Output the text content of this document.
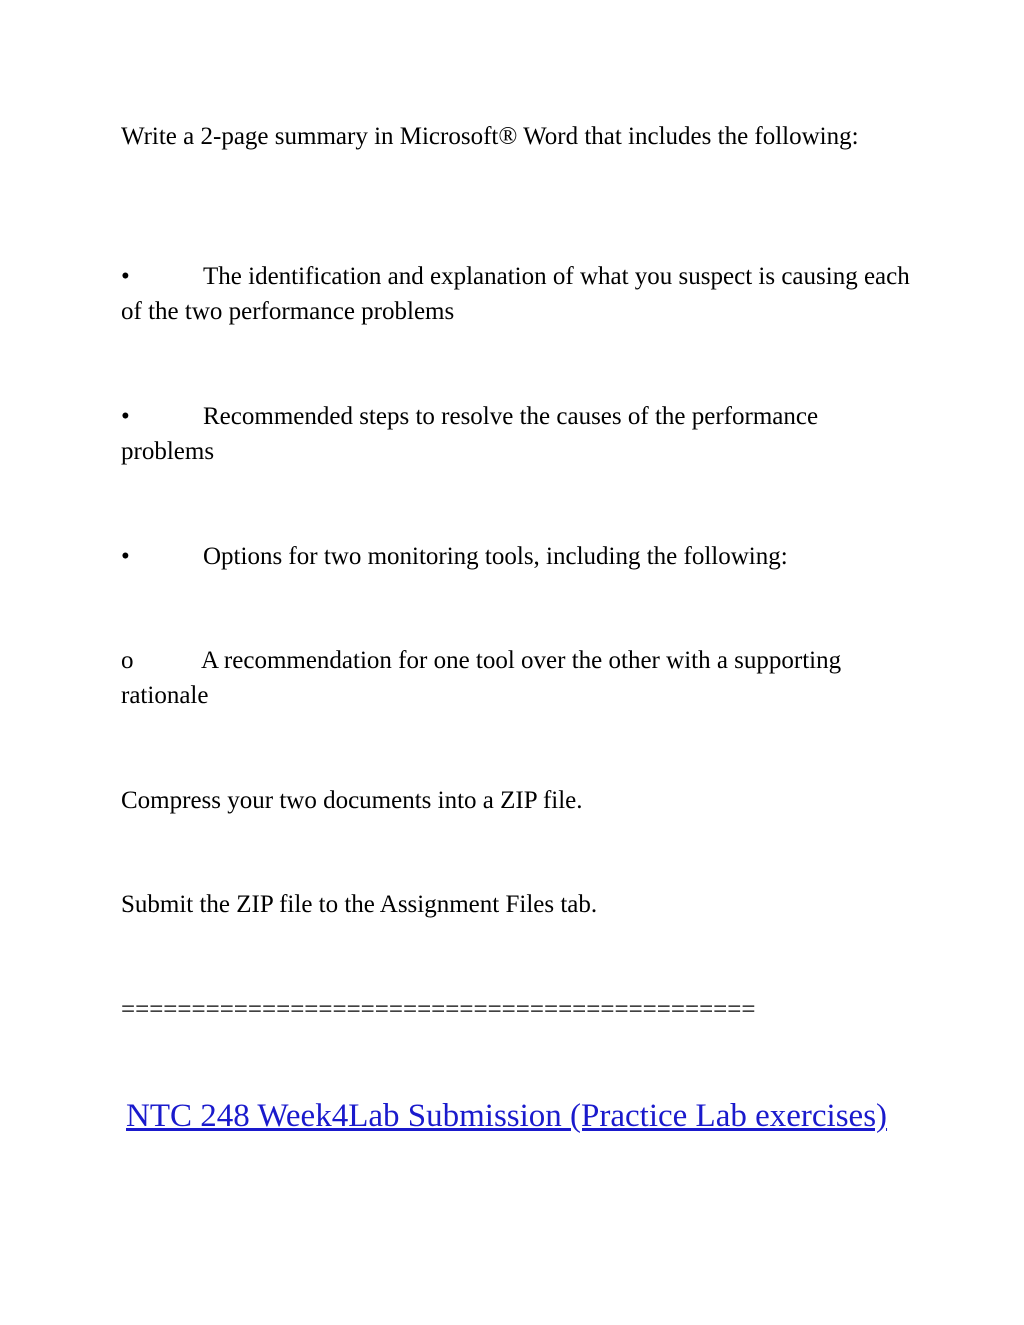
Write a 2-page summary in Microsoft® Word that includes the following:

•	The identification and explanation of what you suspect is causing each of the two performance problems

•	Recommended steps to resolve the causes of the performance problems

•	Options for two monitoring tools, including the following:

o	A recommendation for one tool over the other with a supporting rationale

Compress your two documents into a ZIP file.

Submit the ZIP file to the Assignment Files tab.

=============================================

NTC 248 Week4Lab Submission (Practice Lab exercises)
